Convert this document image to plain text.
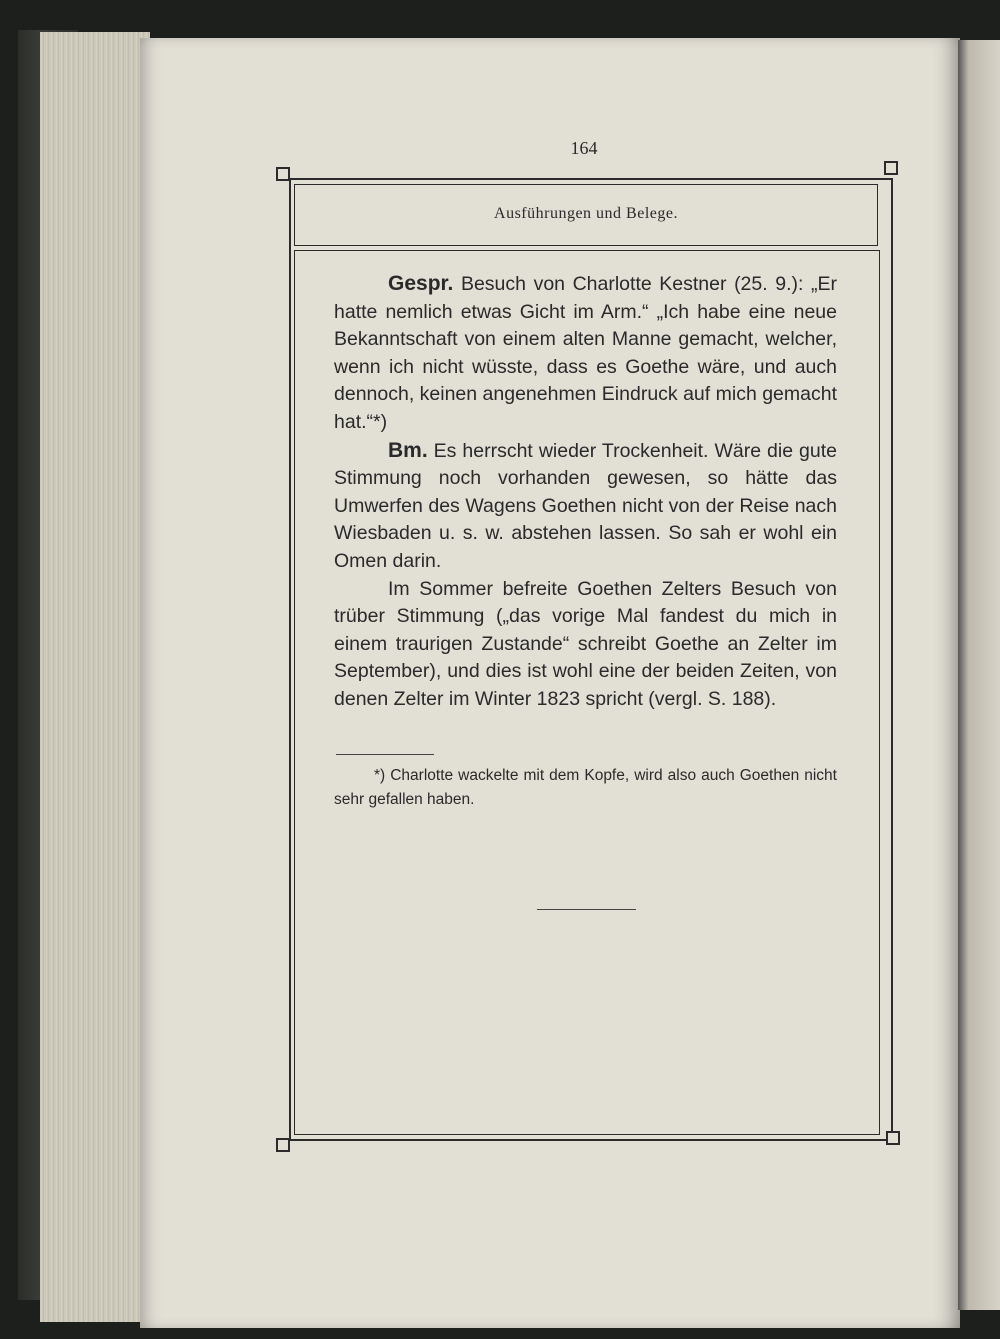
164
Ausführungen und Belege.

Gespr. Besuch von Charlotte Kestner (25. 9.): „Er hatte nemlich etwas Gicht im Arm.“ „Ich habe eine neue Bekanntschaft von einem alten Manne gemacht, welcher, wenn ich nicht wüsste, dass es Goethe wäre, und auch dennoch, keinen angenehmen Eindruck auf mich gemacht hat.“*)

Bm. Es herrscht wieder Trockenheit. Wäre die gute Stimmung noch vorhanden gewesen, so hätte das Umwerfen des Wagens Goethen nicht von der Reise nach Wiesbaden u. s. w. abstehen lassen. So sah er wohl ein Omen darin.

Im Sommer befreite Goethen Zelters Besuch von trüber Stimmung („das vorige Mal fandest du mich in einem traurigen Zustande“ schreibt Goethe an Zelter im September), und dies ist wohl eine der beiden Zeiten, von denen Zelter im Winter 1823 spricht (vergl. S. 188).

*) Charlotte wackelte mit dem Kopfe, wird also auch Goethen nicht sehr gefallen haben.
